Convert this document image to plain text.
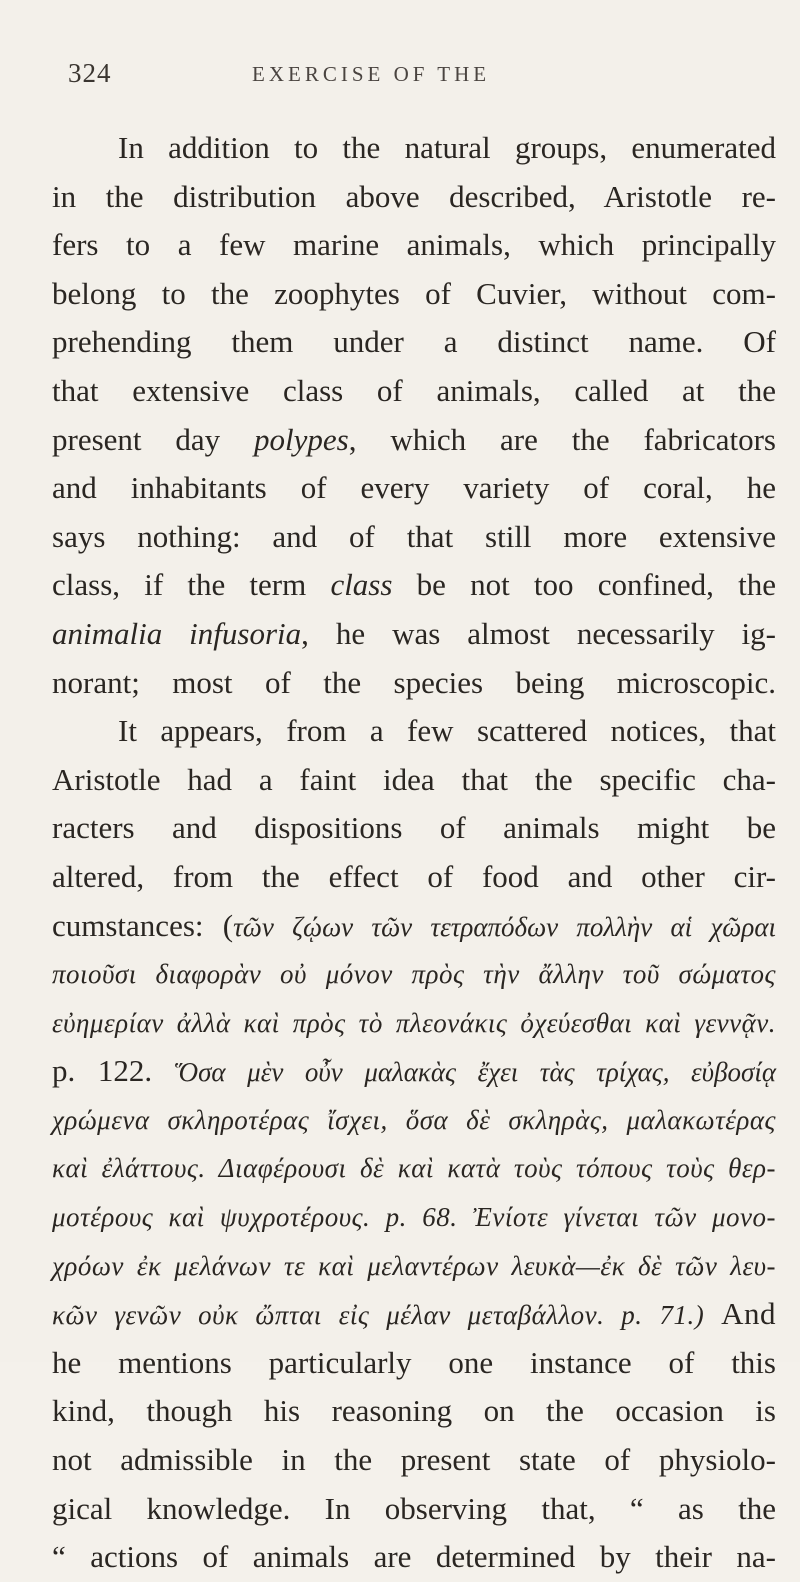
324	EXERCISE OF THE
In addition to the natural groups, enumerated
in the distribution above described, Aristotle re-
fers to a few marine animals, which principally
belong to the zoophytes of Cuvier, without com-
prehending them under a distinct name. Of
that extensive class of animals, called at the
present day polypes, which are the fabricators
and inhabitants of every variety of coral, he
says nothing: and of that still more extensive
class, if the term class be not too confined, the
animalia infusoria, he was almost necessarily ig-
norant; most of the species being microscopic.
It appears, from a few scattered notices, that
Aristotle had a faint idea that the specific cha-
racters and dispositions of animals might be
altered, from the effect of food and other cir-
cumstances: (τῶν ζῴων τῶν τετραπόδων πολλὴν αἱ χῶραι
ποιοῦσι διαφορὰν οὐ μόνον πρὸς τὴν ἄλλην τοῦ σώματος
εὐημερίαν ἀλλὰ καὶ πρὸς τὸ πλεονάκις ὀχεύεσθαι καὶ γεννᾷν.
p. 122. Ὅσα μὲν οὖν μαλακὰς ἔχει τὰς τρίχας, εὐβοσίᾳ
χρώμενα σκληροτέρας ἴσχει, ὅσα δὲ σκληρὰς, μαλακωτέρας
καὶ ἐλάττους. Διαφέρουσι δὲ καὶ κατὰ τοὺς τόπους τοὺς θερ-
μοτέρους καὶ ψυχροτέρους. p. 68. Ἐνίοτε γίνεται τῶν μονο-
χρόων ἐκ μελάνων τε καὶ μελαντέρων λευκὰ—ἐκ δὲ τῶν λευ-
κῶν γενῶν οὐκ ὤπται εἰς μέλαν μεταβάλλον. p. 71.) And
he mentions particularly one instance of this
kind, though his reasoning on the occasion is
not admissible in the present state of physiolo-
gical knowledge. In observing that, “ as the
“ actions of animals are determined by their na-
